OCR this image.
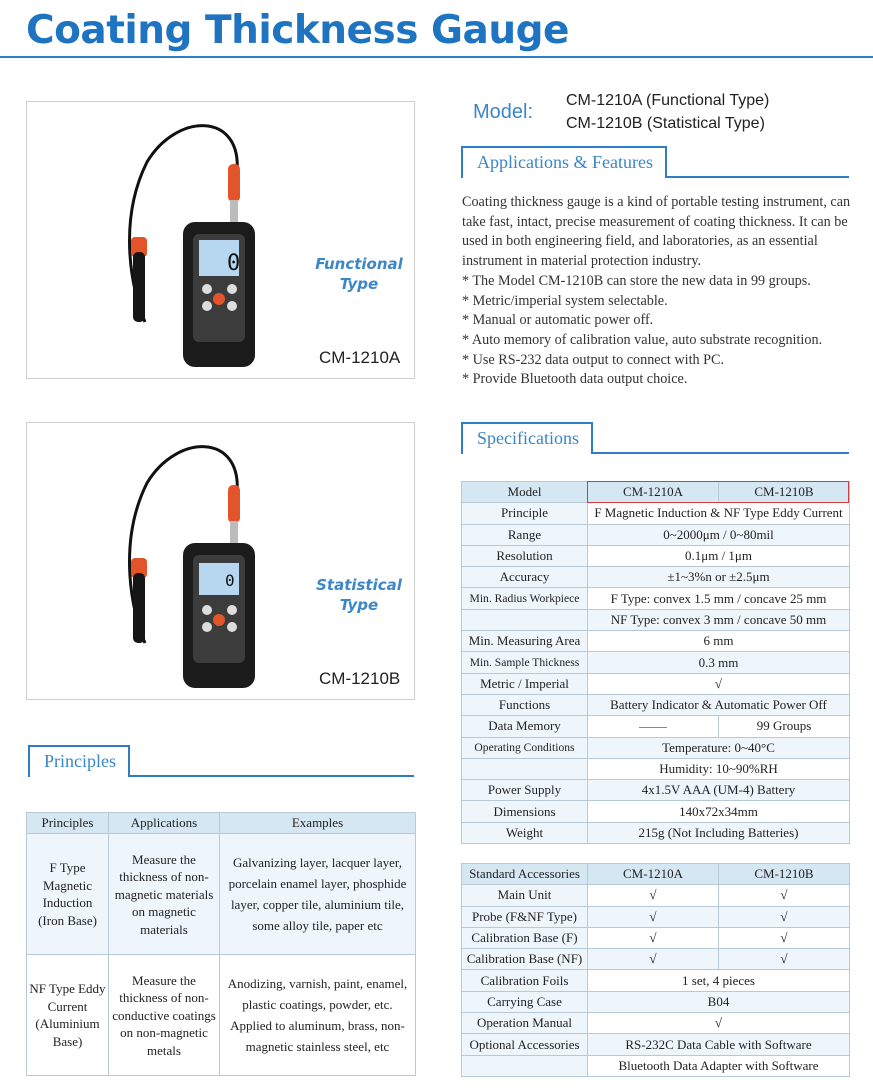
Coating Thickness Gauge
0	Functional
Type
CM-1210A
0	Statistical
Type
CM-1210B
Model:
CM-1210A (Functional Type)
CM-1210B (Statistical Type)
Applications & Features

Coating thickness gauge is a kind of portable testing instrument, can take fast, intact, precise measurement of coating thickness. It can be used in both engineering field, and laboratories, as an essential instrument in material protection industry.

* The Model CM-1210B can store the new data in 99 groups.

* Metric/imperial system selectable.

* Manual or automatic power off.

* Auto memory of calibration value, auto substrate recognition.

* Use RS-232 data output to connect with PC.

* Provide Bluetooth data output choice.

Specifications
Model	CM-1210A	CM-1210B
Principle	F Magnetic Induction & NF Type Eddy Current	
Range	0~2000μm / 0~80mil	
Resolution	0.1μm / 1μm	
Accuracy	±1~3%n or ±2.5μm	
Min. Radius Workpiece	F Type: convex 1.5 mm / concave 25 mm	
	NF Type: convex 3 mm / concave 50 mm	
Min. Measuring Area	6 mm	
Min. Sample Thickness	0.3 mm	
Metric / Imperial	√	
Functions	Battery Indicator & Automatic Power Off	
Data Memory		99 Groups
Operating Conditions	Temperature: 0~40°C	
	Humidity: 10~90%RH	
Power Supply	4x1.5V AAA (UM-4) Battery	
Dimensions	140x72x34mm	
Weight	215g (Not Including Batteries)	
Standard Accessories	CM-1210A	CM-1210B
Main Unit	√	√
Probe (F&NF Type)	√	√
Calibration Base (F)	√	√
Calibration Base (NF)	√	√
Calibration Foils	1 set, 4 pieces	
Carrying Case	B04	
Operation Manual	√	
Optional Accessories	RS-232C Data Cable with Software	
	Bluetooth Data Adapter with Software	
Principles
Principles	Applications	Examples
F Type Magnetic Induction (Iron Base)	Measure the thickness of non-magnetic materials on magnetic materials	Galvanizing layer, lacquer layer, porcelain enamel layer, phosphide layer, copper tile, aluminium tile, some alloy tile, paper etc
NF Type Eddy Current (Aluminium Base)	Measure the thickness of non-conductive coatings on non-magnetic metals	Anodizing, varnish, paint, enamel, plastic coatings, powder, etc. Applied to aluminum, brass, non-magnetic stainless steel, etc
